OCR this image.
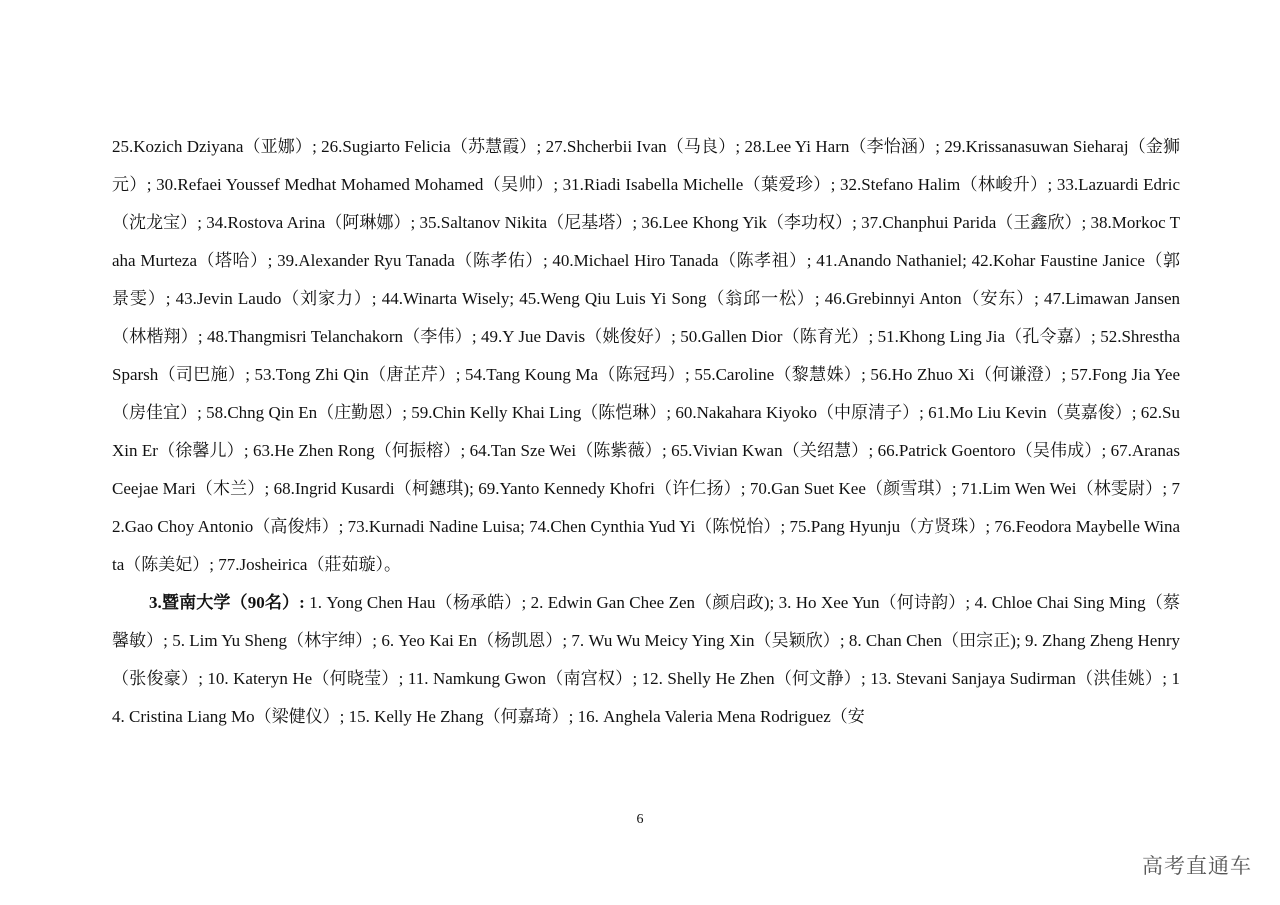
25.Kozich Dziyana（亚娜）; 26.Sugiarto Felicia（苏慧霞）; 27.Shcherbii Ivan（马良）; 28.Lee Yi Harn（李怡涵）; 29.Krissanasuwan Sieharaj（金狮元）; 30.Refaei Youssef Medhat Mohamed Mohamed（吴帅）; 31.Riadi Isabella Michelle（葉爱珍）; 32.Stefano Halim（林峻升）; 33.Lazuardi Edric（沈龙宝）; 34.Rostova Arina（阿琳娜）; 35.Saltanov Nikita（尼基塔）; 36.Lee Khong Yik（李功权）; 37.Chanphui Parida（王鑫欣）; 38.Morkoc Taha Murteza（塔哈）; 39.Alexander Ryu Tanada（陈孝佑）; 40.Michael Hiro Tanada（陈孝祖）; 41.Anando Nathaniel; 42.Kohar Faustine Janice（郭景雯）; 43.Jevin Laudo（刘家力）; 44.Winarta Wisely; 45.Weng Qiu Luis Yi Song（翁邱一松）; 46.Grebinnyi Anton（安东）; 47.Limawan Jansen（林楷翔）; 48.Thangmisri Telanchakorn（李伟）; 49.Y Jue Davis（姚俊好）; 50.Gallen Dior（陈育光）; 51.Khong Ling Jia（孔令嘉）; 52.Shrestha Sparsh（司巴施）; 53.Tong Zhi Qin（唐芷芹）; 54.Tang Koung Ma（陈冠玛）; 55.Caroline（黎慧姝）; 56.Ho Zhuo Xi（何谦澄）; 57.Fong Jia Yee（房佳宜）; 58.Chng Qin En（庄勤恩）; 59.Chin Kelly Khai Ling（陈恺琳）; 60.Nakahara Kiyoko（中原清子）; 61.Mo Liu Kevin（莫嘉俊）; 62.Su Xin Er（徐馨儿）; 63.He Zhen Rong（何振榕）; 64.Tan Sze Wei（陈紫薇）; 65.Vivian Kwan（关绍慧）; 66.Patrick Goentoro（吴伟成）; 67.Aranas Ceejae Mari（木兰）; 68.Ingrid Kusardi（柯鏸琪); 69.Yanto Kennedy Khofri（许仁扬）; 70.Gan Suet Kee（颜雪琪）; 71.Lim Wen Wei（林雯尉）; 72.Gao Choy Antonio（高俊炜）; 73.Kurnadi Nadine Luisa; 74.Chen Cynthia Yud Yi（陈悦怡）; 75.Pang Hyunju（方贤珠）; 76.Feodora Maybelle Winata（陈美妃）; 77.Josheirica（莊茹璇）。

3.暨南大学（90名）: 1. Yong Chen Hau（杨承皓）; 2. Edwin Gan Chee Zen（颜启政); 3. Ho Xee Yun（何诗韵）; 4. Chloe Chai Sing Ming（蔡馨敏）; 5. Lim Yu Sheng（林宇绅）; 6. Yeo Kai En（杨凯恩）; 7. Wu Wu Meicy Ying Xin（吴颖欣）; 8. Chan Chen（田宗正); 9. Zhang Zheng Henry（张俊豪）; 10. Kateryn He（何晓莹）; 11. Namkung Gwon（南宫权）; 12. Shelly He Zhen（何文静）; 13. Stevani Sanjaya Sudirman（洪佳姚）; 14. Cristina Liang Mo（梁健仪）; 15. Kelly He Zhang（何嘉琦）; 16. Anghela Valeria Mena Rodriguez（安

6
高考直通车
